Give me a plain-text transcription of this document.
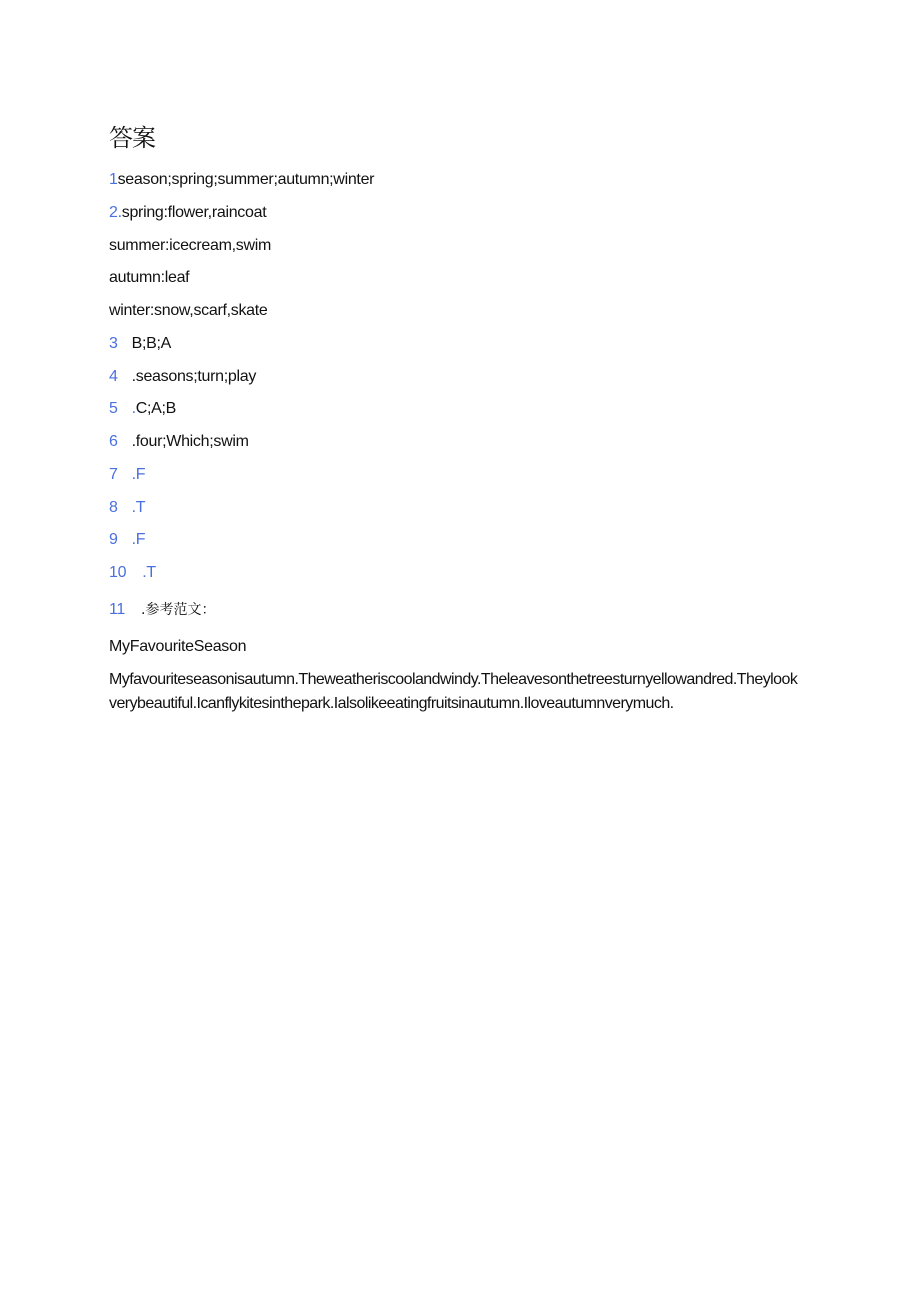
答案
1season;spring;summer;autumn;winter
2.spring:flower,raincoat
summer:icecream,swim
autumn:leaf
winter:snow,scarf,skate
3 B;B;A
4 .seasons;turn;play
5 .C;A;B
6 .four;Which;swim
7 .F
8 .T
9 .F
10 .T
11 .参考范文：
MyFavouriteSeason
Myfavouriteseasonisautumn.Theweatheriscoolandwindy.Theleavesonthetreesturnyellowandred.Theylookverybeautiful.Icanflykitesinthepark.Ialsolikeeatingfruitsinautumn.Iloveautumnverymuch.
